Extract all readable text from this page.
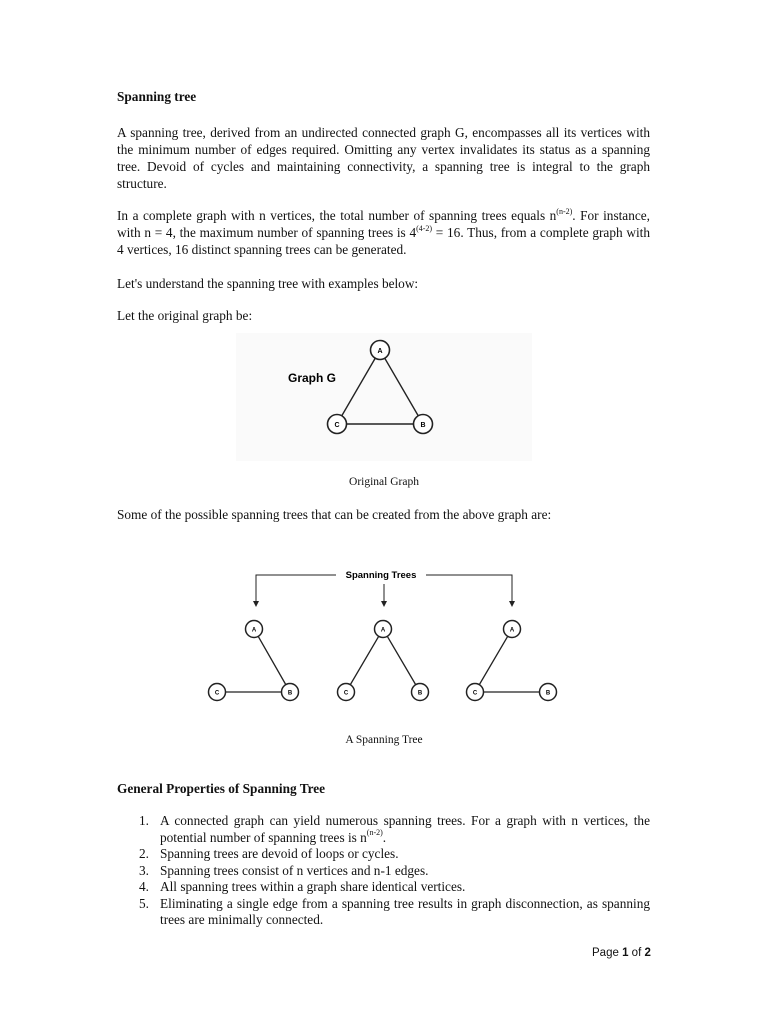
Spanning tree
A spanning tree, derived from an undirected connected graph G, encompasses all its vertices with the minimum number of edges required. Omitting any vertex invalidates its status as a spanning tree. Devoid of cycles and maintaining connectivity, a spanning tree is integral to the graph structure.
In a complete graph with n vertices, the total number of spanning trees equals $n^{(n-2)}$. For instance, with n = 4, the maximum number of spanning trees is $4^{(4-2)} = 16$. Thus, from a complete graph with 4 vertices, 16 distinct spanning trees can be generated.
Let's understand the spanning tree with examples below:
Let the original graph be:
Graph G
A
B
C
Original Graph
Some of the possible spanning trees that can be created from the above graph are:
Spanning Trees
A
C	B
A
C	B
A
C	B
A Spanning Tree
General Properties of Spanning Tree
1. A connected graph can yield numerous spanning trees. For a graph with n vertices, the potential number of spanning trees is $n^{(n-2)}$.
2. Spanning trees are devoid of loops or cycles.
3. Spanning trees consist of n vertices and n-1 edges.
4. All spanning trees within a graph share identical vertices.
5. Eliminating a single edge from a spanning tree results in graph disconnection, as spanning trees are minimally connected.
Page 1 of 2
